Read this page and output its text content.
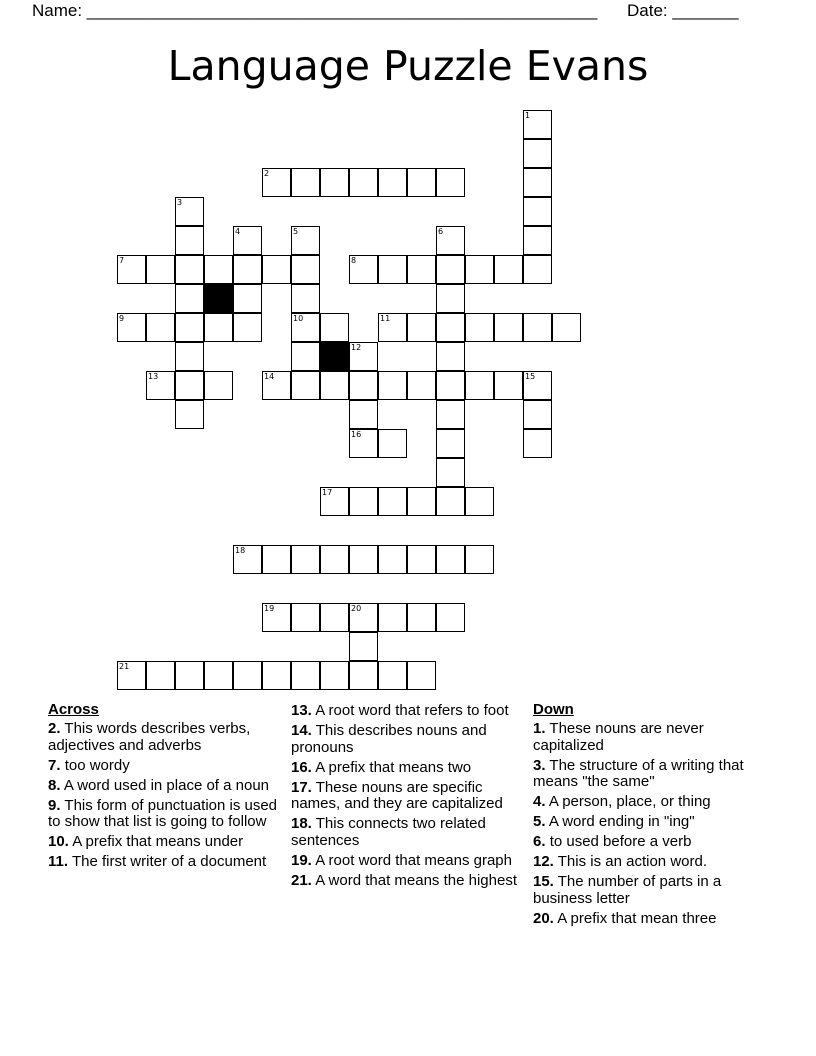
Name: ______________________________________________________ Date: _______
Language Puzzle Evans
1
2
3
4	5
10
6
7	8
9	11
12
16
13	14	15
17
18
19	20
21
Across
2. This words describes verbs, adjectives and adverbs
7. too wordy
8. A word used in place of a noun
9. This form of punctuation is used to show that list is going to follow
10. A prefix that means under
11. The first writer of a document
13. A root word that refers to foot
14. This describes nouns and pronouns
16. A prefix that means two
17. These nouns are specific names, and they are capitalized
18. This connects two related sentences
19. A root word that means graph
21. A word that means the highest
Down
1. These nouns are never capitalized
3. The structure of a writing that means "the same"
4. A person, place, or thing
5. A word ending in "ing"
6. to used before a verb
12. This is an action word.
15. The number of parts in a business letter
20. A prefix that mean three
